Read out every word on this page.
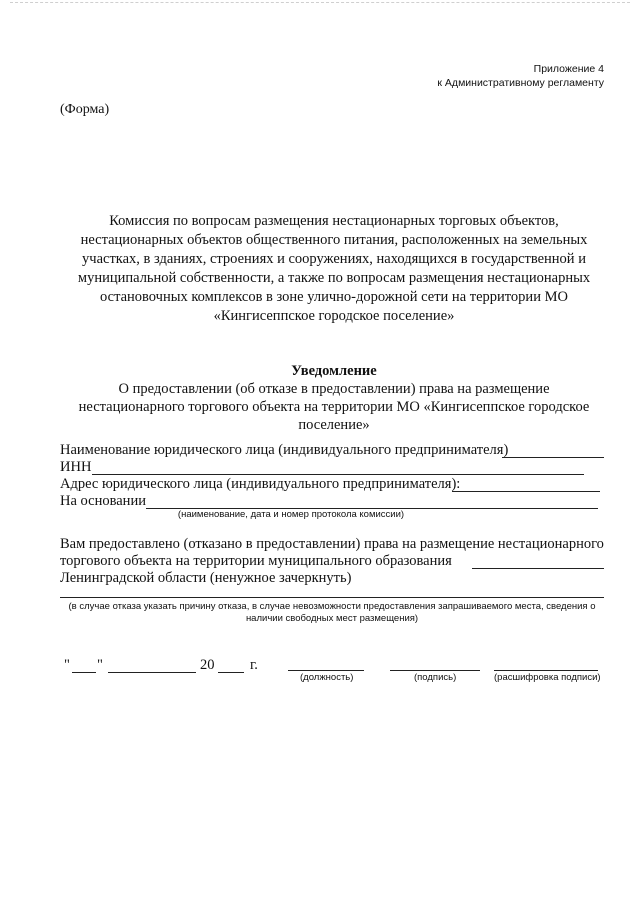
Приложение 4
к Административному регламенту
(Форма)
Комиссия по вопросам размещения нестационарных торговых объектов,
нестационарных объектов общественного питания, расположенных на земельных
участках, в зданиях, строениях и сооружениях, находящихся в государственной и
муниципальной собственности, а также по вопросам размещения нестационарных
остановочных комплексов в зоне улично-дорожной сети на территории МО
«Кингисеппское городское поселение»
Уведомление
О предоставлении (об отказе в предоставлении) права на размещение
нестационарного торгового объекта на территории МО «Кингисеппское городское
поселение»
Наименование юридического лица (индивидуального предпринимателя)
ИНН
Адрес юридического лица (индивидуального предпринимателя):
На основании
(наименование, дата и номер протокола комиссии)
Вам предоставлено (отказано в предоставлении) права на размещение нестационарного
торгового объекта на территории муниципального образования
Ленинградской области (ненужное зачеркнуть)
(в случае отказа указать причину отказа, в случае невозможности предоставления запрашиваемого места, сведения о
наличии свободных мест размещения)
" "	20 г.
(должность)	(подпись)	(расшифровка подписи)
